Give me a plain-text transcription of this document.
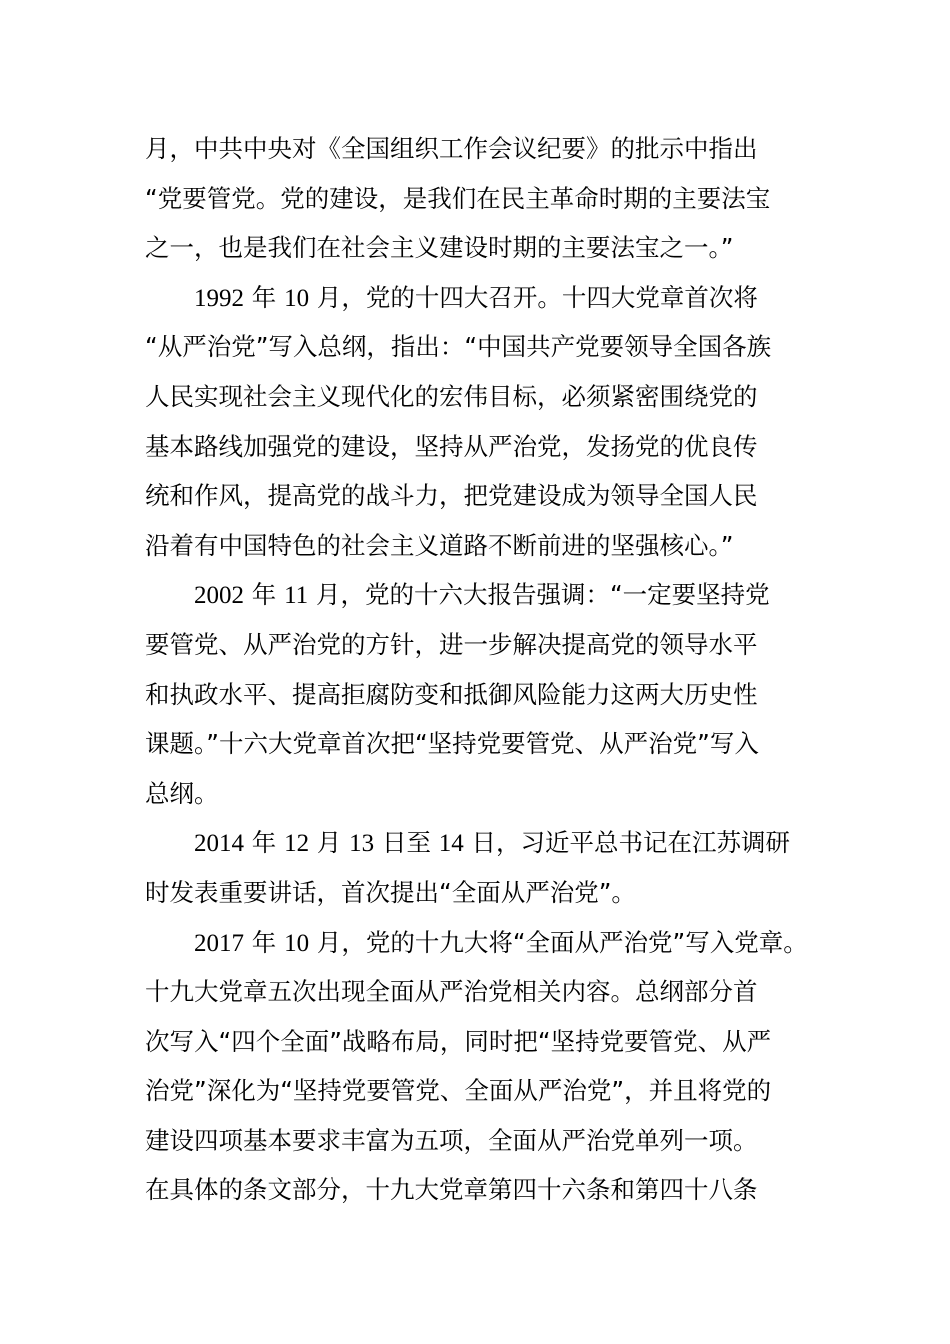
月，中共中央对《全国组织工作会议纪要》的批示中指出
“党要管党。党的建设，是我们在民主革命时期的主要法宝
之一，也是我们在社会主义建设时期的主要法宝之一。”
1992 年 10 月，党的十四大召开。十四大党章首次将
“从严治党”写入总纲，指出：“中国共产党要领导全国各族
人民实现社会主义现代化的宏伟目标，必须紧密围绕党的
基本路线加强党的建设，坚持从严治党，发扬党的优良传
统和作风，提高党的战斗力，把党建设成为领导全国人民
沿着有中国特色的社会主义道路不断前进的坚强核心。”
2002 年 11 月，党的十六大报告强调：“一定要坚持党
要管党、从严治党的方针，进一步解决提高党的领导水平
和执政水平、提高拒腐防变和抵御风险能力这两大历史性
课题。”十六大党章首次把“坚持党要管党、从严治党”写入
总纲。
2014 年 12 月 13 日至 14 日，习近平总书记在江苏调研
时发表重要讲话，首次提出“全面从严治党”。
2017 年 10 月，党的十九大将“全面从严治党”写入党章。
十九大党章五次出现全面从严治党相关内容。总纲部分首
次写入“四个全面”战略布局，同时把“坚持党要管党、从严
治党”深化为“坚持党要管党、全面从严治党”，并且将党的
建设四项基本要求丰富为五项，全面从严治党单列一项。
在具体的条文部分，十九大党章第四十六条和第四十八条
